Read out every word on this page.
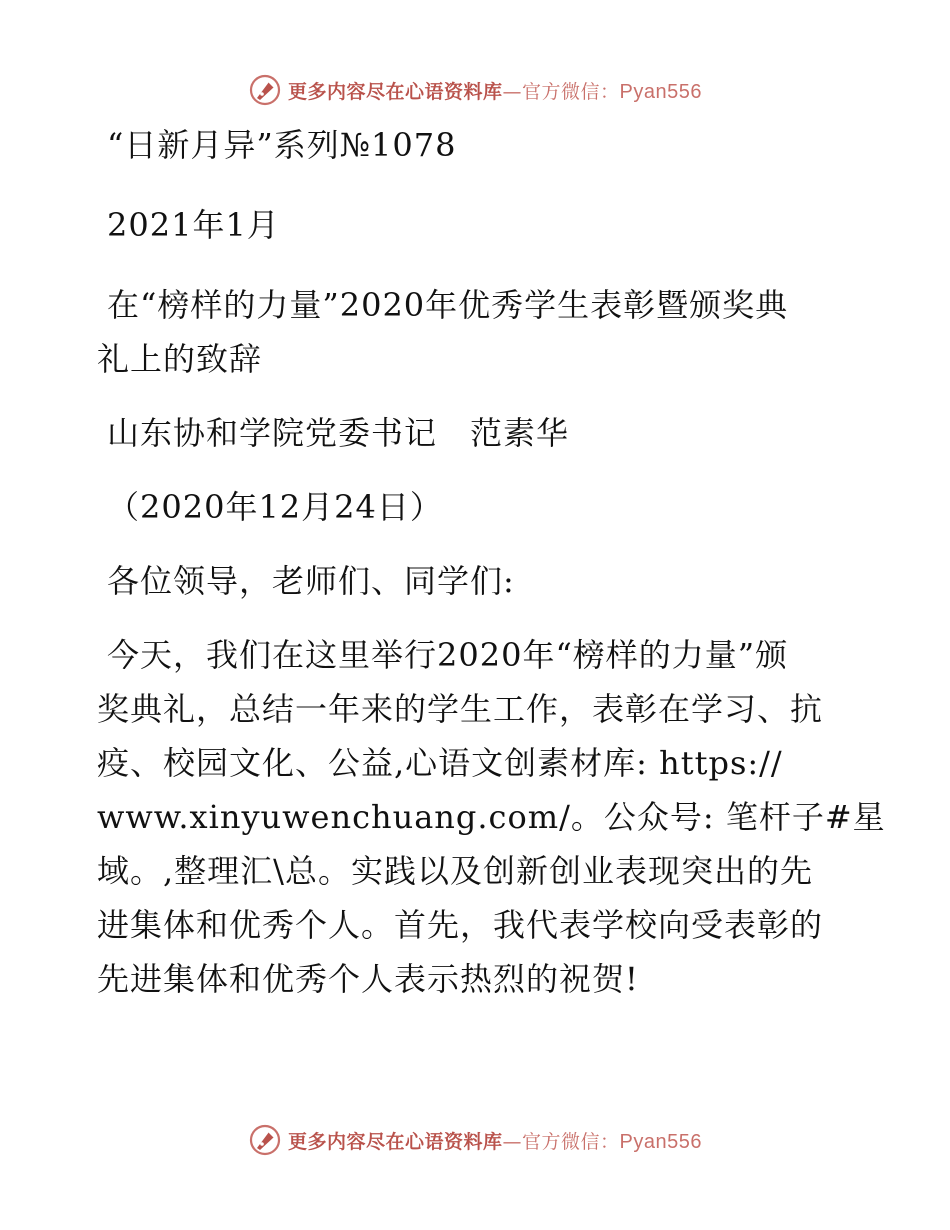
更多内容尽在心语资料库—官方微信：Pyan556

“日新月异”系列№1078

2021年1月

在“榜样的力量”2020年优秀学生表彰暨颁奖典

礼上的致辞

山东协和学院党委书记　范素华

（2020年12月24日）

各位领导，老师们、同学们:

今天，我们在这里举行2020年“榜样的力量”颁

奖典礼，总结一年来的学生工作，表彰在学习、抗

疫、校园文化、公益,心语文创素材库: https://

www.xinyuwenchuang.com/。公众号: 笔杆子#星

域。,整理汇\总。实践以及创新创业表现突出的先

进集体和优秀个人。首先，我代表学校向受表彰的

先进集体和优秀个人表示热烈的祝贺!

更多内容尽在心语资料库—官方微信：Pyan556
